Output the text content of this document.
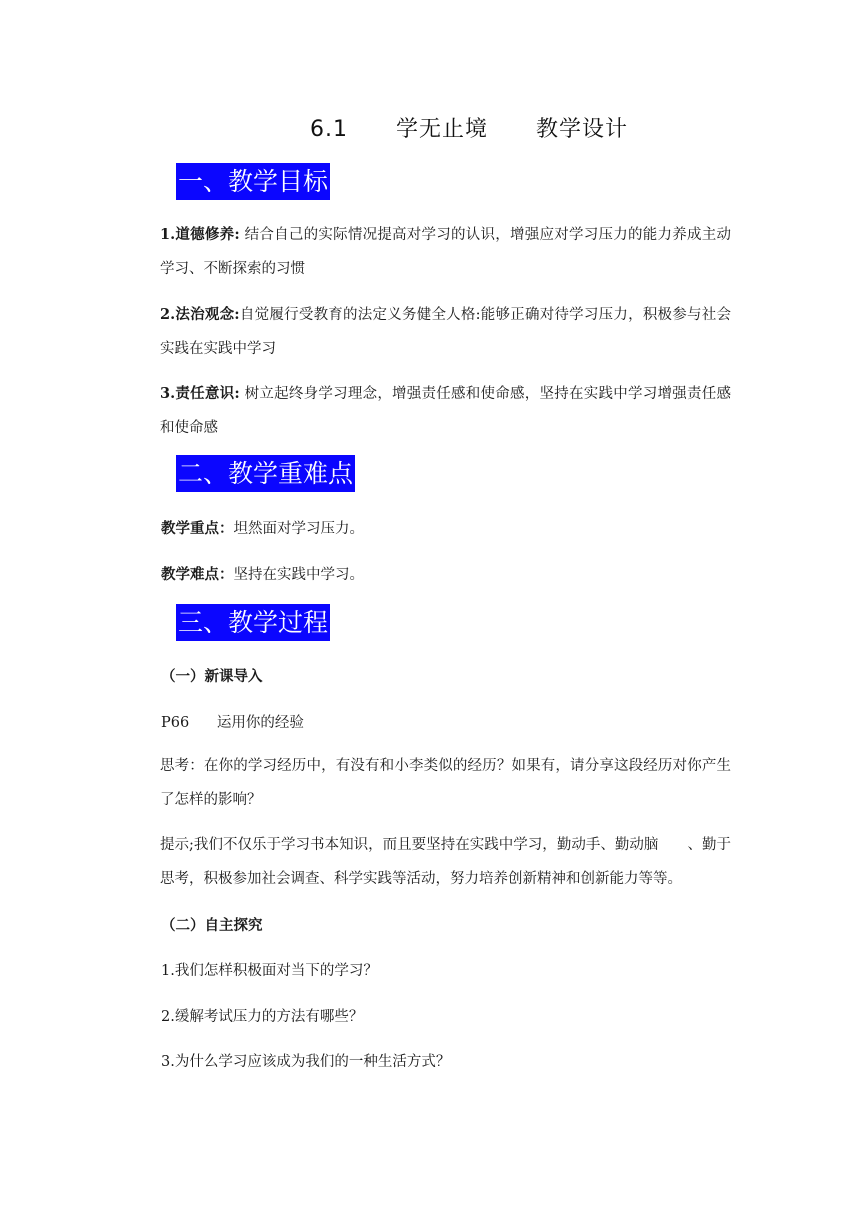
6.1 学无止境 教学设计
一、教学目标
1.道德修养: 结合自己的实际情况提高对学习的认识，增强应对学习压力的能力养成主动学习、不断探索的习惯
2.法治观念:自觉履行受教育的法定义务健全人格:能够正确对待学习压力，积极参与社会实践在实践中学习
3.责任意识: 树立起终身学习理念，增强责任感和使命感，坚持在实践中学习增强责任感和使命感
二、教学重难点
教学重点：坦然面对学习压力。
教学难点：坚持在实践中学习。
三、教学过程
（一）新课导入
P66 运用你的经验
思考：在你的学习经历中，有没有和小李类似的经历？如果有，请分享这段经历对你产生了怎样的影响？
提示;我们不仅乐于学习书本知识，而且要坚持在实践中学习，勤动手、勤动脑　　、勤于思考，积极参加社会调查、科学实践等活动，努力培养创新精神和创新能力等等。
（二）自主探究
1.我们怎样积极面对当下的学习？
2.缓解考试压力的方法有哪些？
3.为什么学习应该成为我们的一种生活方式？
